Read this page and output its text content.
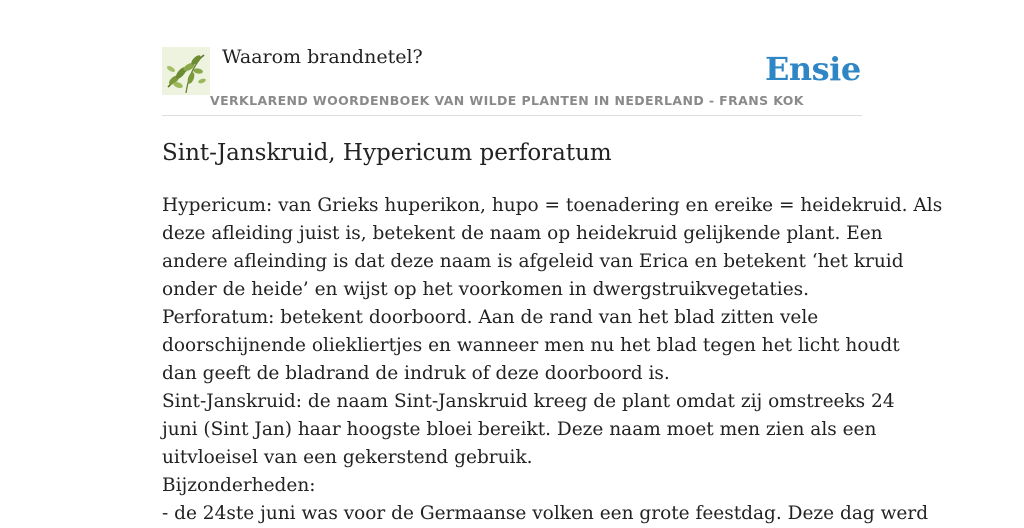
Waarom brandnetel?	Ensie
VERKLAREND WOORDENBOEK VAN WILDE PLANTEN IN NEDERLAND - FRANS KOK
Sint-Janskruid, Hypericum perforatum

Hypericum: van Grieks huperikon, hupo = toenadering en ereike = heidekruid. Als
deze afleiding juist is, betekent de naam op heidekruid gelijkende plant. Een
andere afleinding is dat deze naam is afgeleid van Erica en betekent ‘het kruid
onder de heide’ en wijst op het voorkomen in dwergstruikvegetaties.

Perforatum: betekent doorboord. Aan de rand van het blad zitten vele
doorschijnende oliekliertjes en wanneer men nu het blad tegen het licht houdt
dan geeft de bladrand de indruk of deze doorboord is.

Sint-Janskruid: de naam Sint-Janskruid kreeg de plant omdat zij omstreeks 24
juni (Sint Jan) haar hoogste bloei bereikt. Deze naam moet men zien als een
uitvloeisel van een gekerstend gebruik.

Bijzonderheden:
- de 24ste juni was voor de Germaanse volken een grote feestdag. Deze dag werd
